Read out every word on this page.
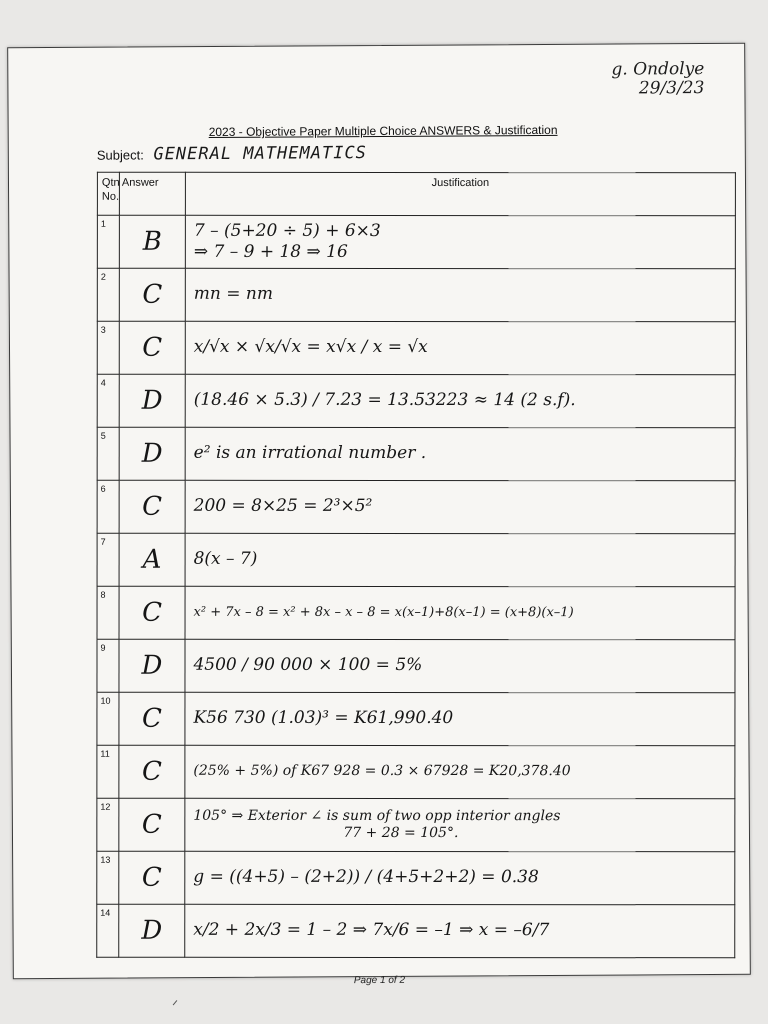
g. Ondolye
29/3/23
2023 - Objective Paper Multiple Choice ANSWERS & Justification
Subject: GENERAL MATHEMATICS
Qtn No.	Answer	Justification
1	B	7 – (5+20 ÷ 5) + 6×3
⇒ 7 – 9 + 18 ⇒ 16

2	C	mn = nm

3	C	x/√x × √x/√x = x√x / x = √x

4	D	(18.46 × 5.3) / 7.23 = 13.53223 ≈ 14 (2 s.f).

5	D	e² is an irrational number .

6	C	200 = 8×25 = 2³×5²

7	A	8(x – 7)

8	C	x² + 7x – 8 = x² + 8x – x – 8 = x(x–1)+8(x–1) = (x+8)(x–1)

9	D	4500 / 90 000 × 100 = 5%

10	C	K56 730 (1.03)³ = K61,990.40

11	C	(25% + 5%) of K67 928 = 0.3 × 67928 = K20,378.40

12	C	105° ⇒ Exterior ∠ is sum of two opp interior angles
77 + 28 = 105°.

13	C	g = ((4+5) – (2+2)) / (4+5+2+2) = 0.38

14	D	x/2 + 2x/3 = 1 – 2 ⇒ 7x/6 = –1 ⇒ x = –6/7
Page 1 of 2
